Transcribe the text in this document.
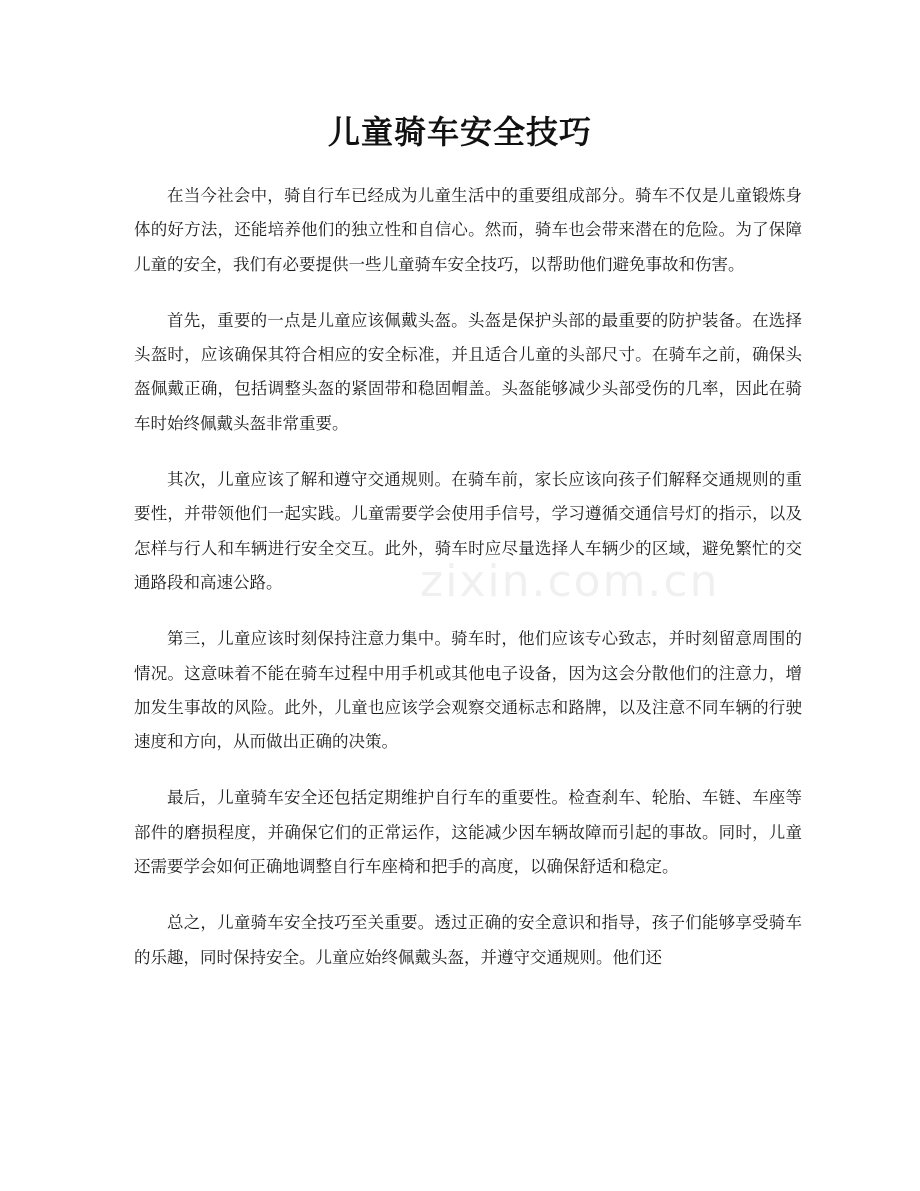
儿童骑车安全技巧

在当今社会中，骑自行车已经成为儿童生活中的重要组成部分。骑车不仅是儿童锻炼身体的好方法，还能培养他们的独立性和自信心。然而，骑车也会带来潜在的危险。为了保障儿童的安全，我们有必要提供一些儿童骑车安全技巧，以帮助他们避免事故和伤害。

首先，重要的一点是儿童应该佩戴头盔。头盔是保护头部的最重要的防护装备。在选择头盔时，应该确保其符合相应的安全标准，并且适合儿童的头部尺寸。在骑车之前，确保头盔佩戴正确，包括调整头盔的紧固带和稳固帽盖。头盔能够减少头部受伤的几率，因此在骑车时始终佩戴头盔非常重要。

其次，儿童应该了解和遵守交通规则。在骑车前，家长应该向孩子们解释交通规则的重要性，并带领他们一起实践。儿童需要学会使用手信号，学习遵循交通信号灯的指示，以及怎样与行人和车辆进行安全交互。此外，骑车时应尽量选择人车辆少的区域，避免繁忙的交通路段和高速公路。

第三，儿童应该时刻保持注意力集中。骑车时，他们应该专心致志，并时刻留意周围的情况。这意味着不能在骑车过程中用手机或其他电子设备，因为这会分散他们的注意力，增加发生事故的风险。此外，儿童也应该学会观察交通标志和路牌，以及注意不同车辆的行驶速度和方向，从而做出正确的决策。

最后，儿童骑车安全还包括定期维护自行车的重要性。检查刹车、轮胎、车链、车座等部件的磨损程度，并确保它们的正常运作，这能减少因车辆故障而引起的事故。同时，儿童还需要学会如何正确地调整自行车座椅和把手的高度，以确保舒适和稳定。

总之，儿童骑车安全技巧至关重要。透过正确的安全意识和指导，孩子们能够享受骑车的乐趣，同时保持安全。儿童应始终佩戴头盔，并遵守交通规则。他们还

zixin.com.cn
